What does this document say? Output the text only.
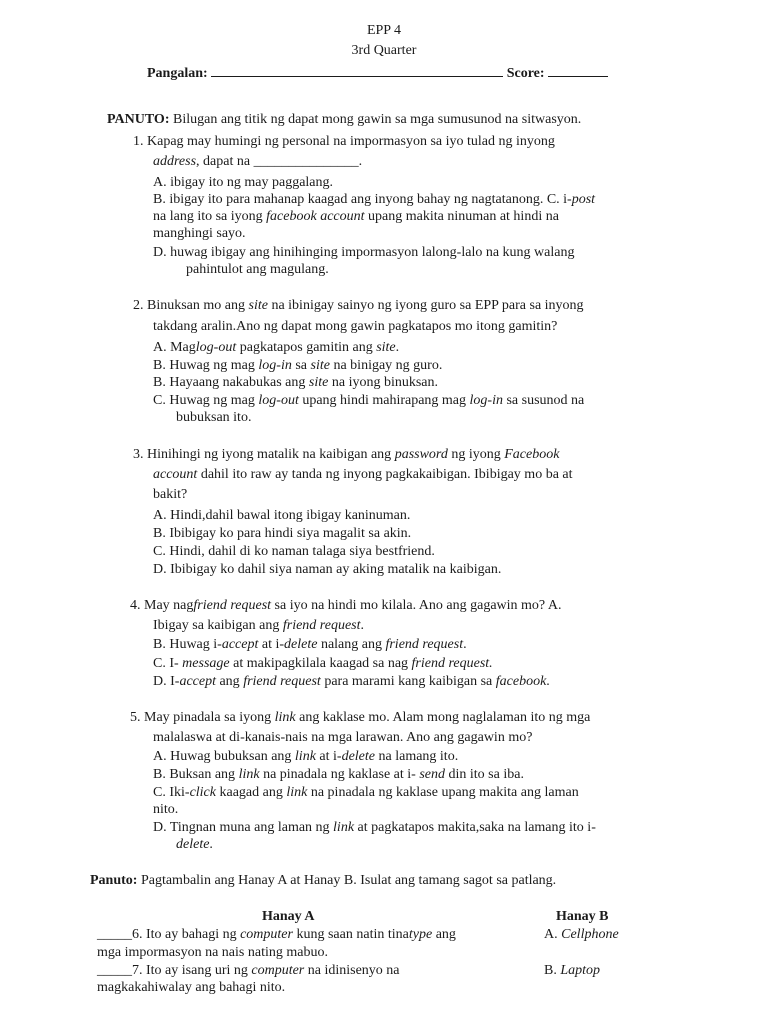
EPP 4
3rd Quarter
Pangalan:	Score:
PANUTO: Bilugan ang titik ng dapat mong gawin sa mga sumusunod na sitwasyon.
1. Kapag may humingi ng personal na impormasyon sa iyo tulad ng inyong
address, dapat na _______________.
A. ibigay ito ng may paggalang.
B. ibigay ito para mahanap kaagad ang inyong bahay ng nagtatanong. C. i-post
na lang ito sa iyong facebook account upang makita ninuman at hindi na
manghingi sayo.
D. huwag ibigay ang hinihinging impormasyon lalong-lalo na kung walang
pahintulot ang magulang.
2. Binuksan mo ang site na ibinigay sainyo ng iyong guro sa EPP para sa inyong
takdang aralin.Ano ng dapat mong gawin pagkatapos mo itong gamitin?
A. Maglog-out pagkatapos gamitin ang site.
B. Huwag ng mag log-in sa site na binigay ng guro.
B. Hayaang nakabukas ang site na iyong binuksan.
C. Huwag ng mag log-out upang hindi mahirapang mag log-in sa susunod na
bubuksan ito.
3. Hinihingi ng iyong matalik na kaibigan ang password ng iyong Facebook
account dahil ito raw ay tanda ng inyong pagkakaibigan. Ibibigay mo ba at
bakit?
A. Hindi,dahil bawal itong ibigay kaninuman.
B. Ibibigay ko para hindi siya magalit sa akin.
C. Hindi, dahil di ko naman talaga siya bestfriend.
D. Ibibigay ko dahil siya naman ay aking matalik na kaibigan.
4. May nagfriend request sa iyo na hindi mo kilala. Ano ang gagawin mo? A.
Ibigay sa kaibigan ang friend request.
B. Huwag i-accept at i-delete nalang ang friend request.
C. I- message at makipagkilala kaagad sa nag friend request.
D. I-accept ang friend request para marami kang kaibigan sa facebook.
5. May pinadala sa iyong link ang kaklase mo. Alam mong naglalaman ito ng mga
malalaswa at di-kanais-nais na mga larawan. Ano ang gagawin mo?
A. Huwag bubuksan ang link at i-delete na lamang ito.
B. Buksan ang link na pinadala ng kaklase at i- send din ito sa iba.
C. Iki-click kaagad ang link na pinadala ng kaklase upang makita ang laman
nito.
D. Tingnan muna ang laman ng link at pagkatapos makita,saka na lamang ito i-
delete.
Panuto: Pagtambalin ang Hanay A at Hanay B. Isulat ang tamang sagot sa patlang.
Hanay A	Hanay B
_____6. Ito ay bahagi ng computer kung saan natin tinatype ang
mga impormasyon na nais nating mabuo.
_____7. Ito ay isang uri ng computer na idinisenyo na
magkakahiwalay ang bahagi nito.
A. Cellphone
B. Laptop
